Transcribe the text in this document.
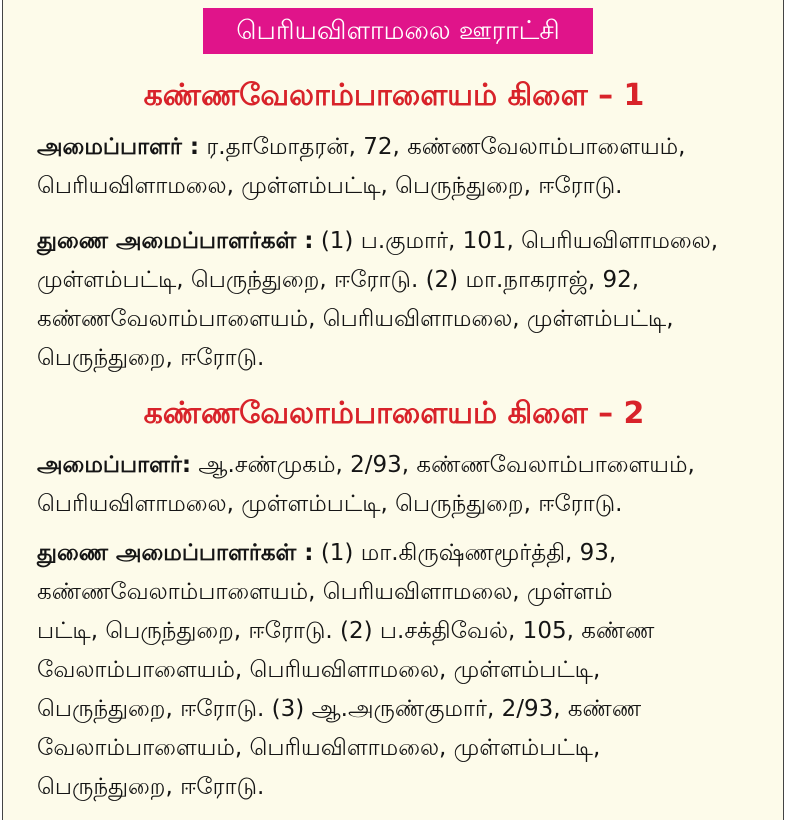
பெரியவிளாமலை ஊராட்சி
கண்ணவேலாம்பாளையம் கிளை – 1
அமைப்பாளர் : ர.தாமோதரன், 72, கண்ணவேலாம்பாளையம்,
பெரியவிளாமலை, முள்ளம்பட்டி, பெருந்துறை, ஈரோடு.
துணை அமைப்பாளர்கள் : (1) ப.குமார், 101, பெரியவிளாமலை,
முள்ளம்பட்டி, பெருந்துறை, ஈரோடு. (2) மா.நாகராஜ், 92,
கண்ணவேலாம்பாளையம், பெரியவிளாமலை, முள்ளம்பட்டி,
பெருந்துறை, ஈரோடு.
கண்ணவேலாம்பாளையம் கிளை – 2
அமைப்பாளர்: ஆ.சண்முகம், 2/93, கண்ணவேலாம்பாளையம்,
பெரியவிளாமலை, முள்ளம்பட்டி, பெருந்துறை, ஈரோடு.
துணை அமைப்பாளர்கள் : (1) மா.கிருஷ்ணமூர்த்தி, 93,
கண்ணவேலாம்பாளையம், பெரியவிளாமலை, முள்ளம்
பட்டி, பெருந்துறை, ஈரோடு. (2) ப.சக்திவேல், 105, கண்ண
வேலாம்பாளையம், பெரியவிளாமலை, முள்ளம்பட்டி,
பெருந்துறை, ஈரோடு. (3) ஆ.அருண்குமார், 2/93, கண்ண
வேலாம்பாளையம், பெரியவிளாமலை, முள்ளம்பட்டி,
பெருந்துறை, ஈரோடு.
